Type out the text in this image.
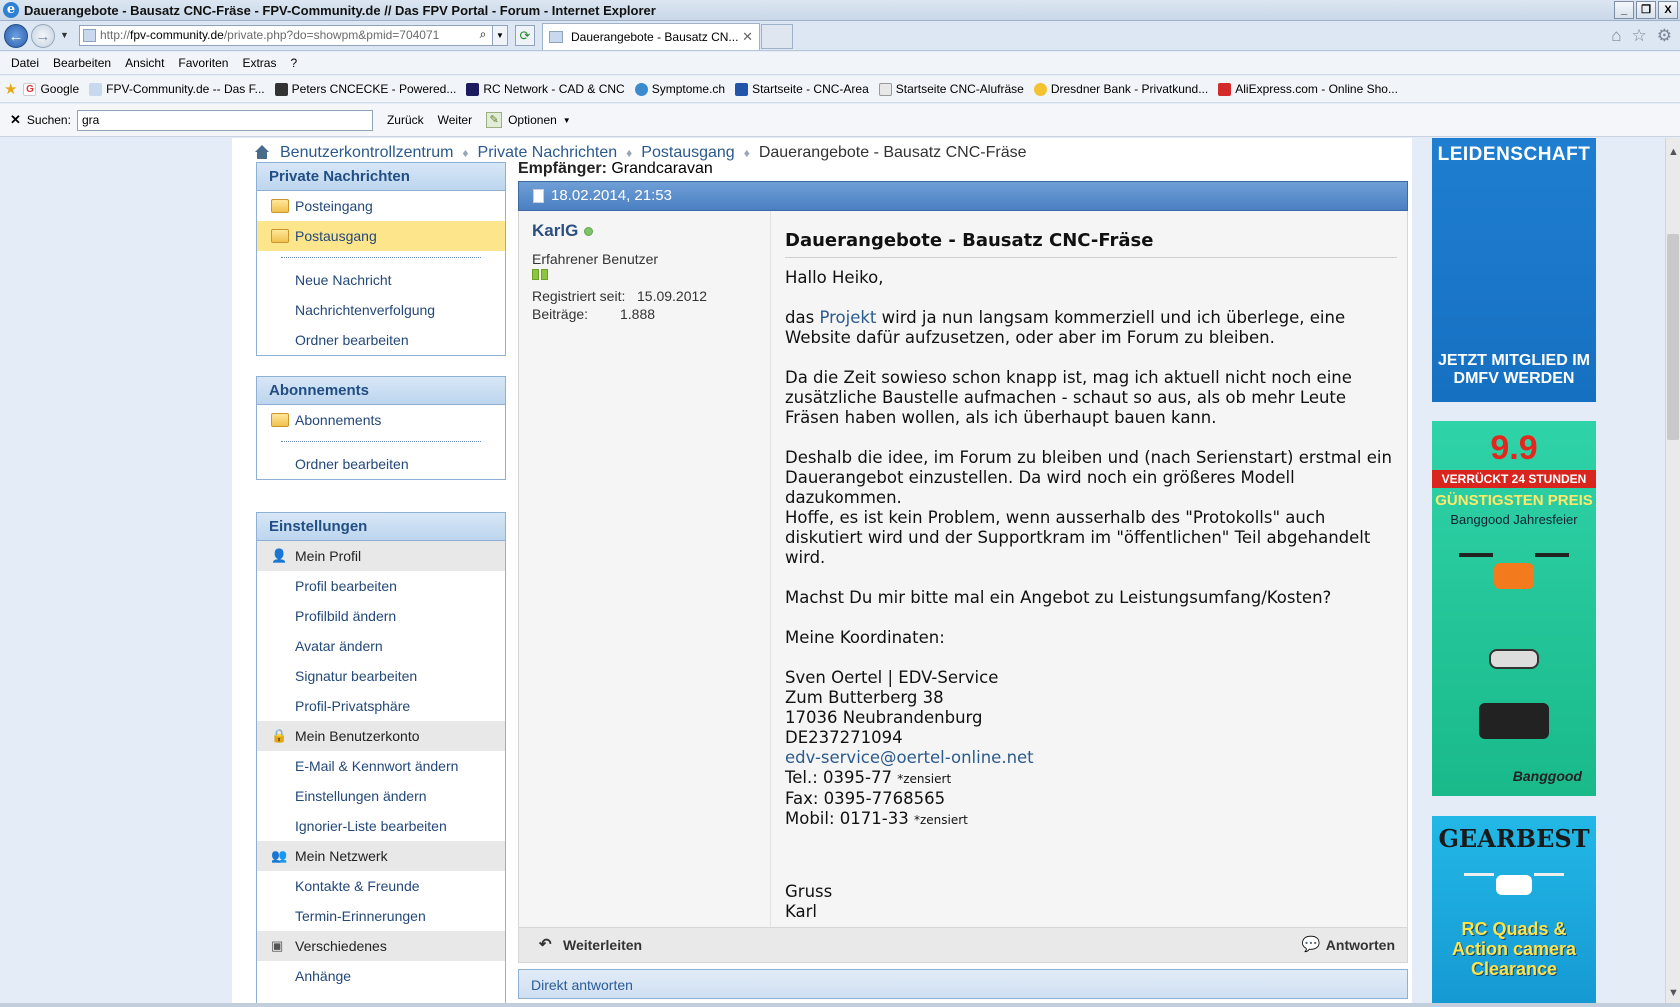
e Dauerangebote - Bausatz CNC-Fräse - FPV-Community.de // Das FPV Portal - Forum - Internet Explorer	_	❐	X
← →	▼	http://fpv-community.de/private.php?do=showpm&pmid=704071	⌕	▼	⟳	Dauerangebote - Bausatz CN... ✕	⌂ ☆ ⚙
Datei	Bearbeiten	Ansicht	Favoriten	Extras	?
★ G Google FPV-Community.de -- Das F... Peters CNCECKE - Powered... RC Network - CAD & CNC Symptome.ch Startseite - CNC-Area Startseite CNC-Alufräse Dresdner Bank - Privatkund... AliExpress.com - Online Sho...
✕ Suchen: gra	Zurück Weiter	✎ Optionen ▼
Benutzerkontrollzentrum ♦ Private Nachrichten ♦ Postausgang ♦ Dauerangebote - Bausatz CNC-Fräse
Private Nachrichten
Posteingang
Postausgang
Neue Nachricht
Nachrichtenverfolgung
Ordner bearbeiten
Abonnements
Abonnements
Ordner bearbeiten
Einstellungen
👤 Mein Profil
Profil bearbeiten
Profilbild ändern
Avatar ändern
Signatur bearbeiten
Profil-Privatsphäre
🔒 Mein Benutzerkonto
E-Mail & Kennwort ändern
Einstellungen ändern
Ignorier-Liste bearbeiten
👥 Mein Netzwerk
Kontakte & Freunde
Termin-Erinnerungen
▣ Verschiedenes
Anhänge
Empfänger: Grandcaravan
18.02.2014, 21:53
KarlG
Erfahrener Benutzer
Registriert seit: 15.09.2012
Beiträge:	1.888
Dauerangebote - Bausatz CNC-Fräse

Hallo Heiko,

das Projekt wird ja nun langsam kommerziell und ich überlege, eine Website dafür aufzusetzen, oder aber im Forum zu bleiben.

Da die Zeit sowieso schon knapp ist, mag ich aktuell nicht noch eine zusätzliche Baustelle aufmachen - schaut so aus, als ob mehr Leute Fräsen haben wollen, als ich überhaupt bauen kann.

Deshalb die idee, im Forum zu bleiben und (nach Serienstart) erstmal ein Dauerangebot einzustellen. Da wird noch ein größeres Modell dazukommen.
Hoffe, es ist kein Problem, wenn ausserhalb des "Protokolls" auch diskutiert wird und der Supportkram im "öffentlichen" Teil abgehandelt wird.

Machst Du mir bitte mal ein Angebot zu Leistungsumfang/Kosten?

Meine Koordinaten:

Sven Oertel | EDV-Service
Zum Butterberg 38
17036 Neubrandenburg
DE237271094
edv-service@oertel-online.net
Tel.: 0395-77 *zensiert
Fax: 0395-7768565
Mobil: 0171-33 *zensiert
Gruss
Karl
↶ Weiterleiten	💬 Antworten
Direkt antworten
LEIDENSCHAFT
JETZT MITGLIED IM DMFV WERDEN
9.9
VERRÜCKT 24 STUNDEN
GÜNSTIGSTEN PREIS
Banggood Jahresfeier
Banggood
GEARBEST
RC Quads & Action camera Clearance
▲
▼
